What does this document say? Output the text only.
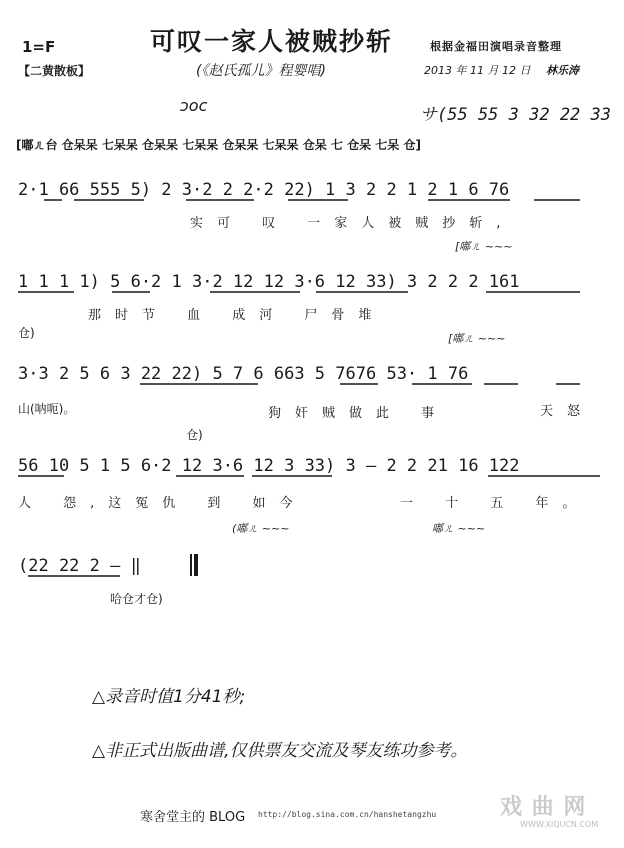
1=F
【二黄散板】
可叹一家人被贼抄斩
(《赵氏孤儿》程婴唱)
根据金福田演唱录音整理
2013 年 11 月 12 日 林乐涛
ɔoc	サ(55 55 3 32 22 33
[嘟ㄦ台 仓呆呆 七呆呆 仓呆呆 七呆呆 仓呆呆 七呆呆 仓呆 七 仓呆 七呆 仓]
2·1 66 555 5) 2 3·2 2 2·2 22) 1 3 2 2 1 2 1 6 76
实可 叹 一家人被贼抄斩,
[嘟ㄦ ~~~
1 1 1 1) 5 6·2 1 3·2 12 12 3·6 12 33) 3 2 2 2 161
那时节 血 成河 尸骨堆
仓)	[嘟ㄦ ~~~
3·3 2 5 6 3 22 22) 5 7 6 663 5 7676 53· 1 76
山(呐呃)。	狗奸贼做此 事	天怒
仓)
56 10 5 1 5 6·2 12 3·6 12 3 33) 3 — 2 2 21 16 122
人 怨,这冤仇 到 如今	一 十 五 年。
(嘟ㄦ ~~~	嘟ㄦ ~~~
(22 22 2 — ‖
哈仓才仓)
△录音时值1分41秒;
△非正式出版曲谱,仅供票友交流及琴友练功参考。
寒舍堂主的 BLOG http://blog.sina.com.cn/hanshetangzhu	戏 曲 网
WWW.XIQUCN.COM
